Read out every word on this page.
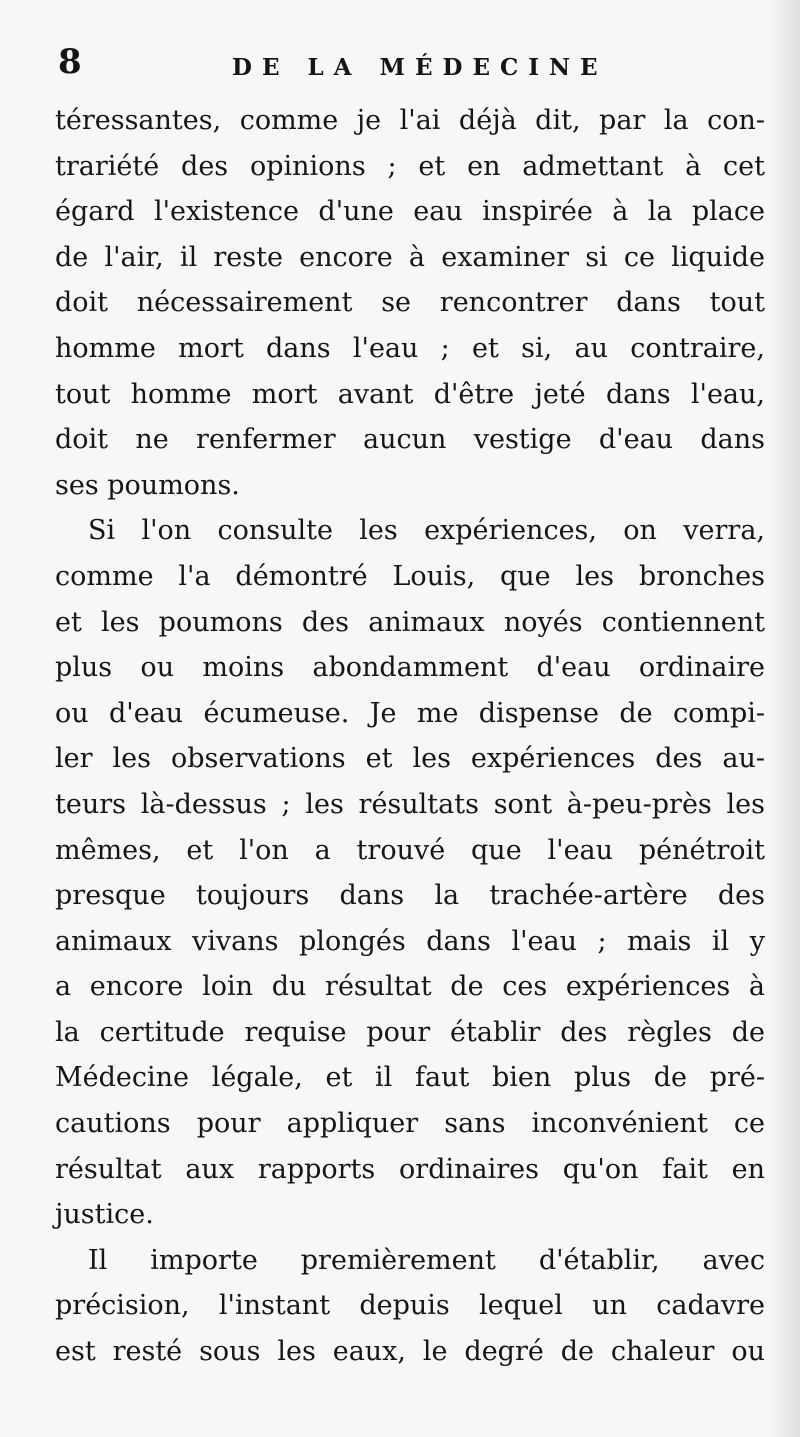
8	DE LA MÉDECINE
téressantes, comme je l'ai déjà dit, par la con-
trariété des opinions ; et en admettant à cet
égard l'existence d'une eau inspirée à la place
de l'air, il reste encore à examiner si ce liquide
doit nécessairement se rencontrer dans tout
homme mort dans l'eau ; et si, au contraire,
tout homme mort avant d'être jeté dans l'eau,
doit ne renfermer aucun vestige d'eau dans
ses poumons.
Si l'on consulte les expériences, on verra,
comme l'a démontré Louis, que les bronches
et les poumons des animaux noyés contiennent
plus ou moins abondamment d'eau ordinaire
ou d'eau écumeuse. Je me dispense de compi-
ler les observations et les expériences des au-
teurs là-dessus ; les résultats sont à-peu-près les
mêmes, et l'on a trouvé que l'eau pénétroit
presque toujours dans la trachée-artère des
animaux vivans plongés dans l'eau ; mais il y
a encore loin du résultat de ces expériences à
la certitude requise pour établir des règles de
Médecine légale, et il faut bien plus de pré-
cautions pour appliquer sans inconvénient ce
résultat aux rapports ordinaires qu'on fait en
justice.
Il importe premièrement d'établir, avec
précision, l'instant depuis lequel un cadavre
est resté sous les eaux, le degré de chaleur ou
